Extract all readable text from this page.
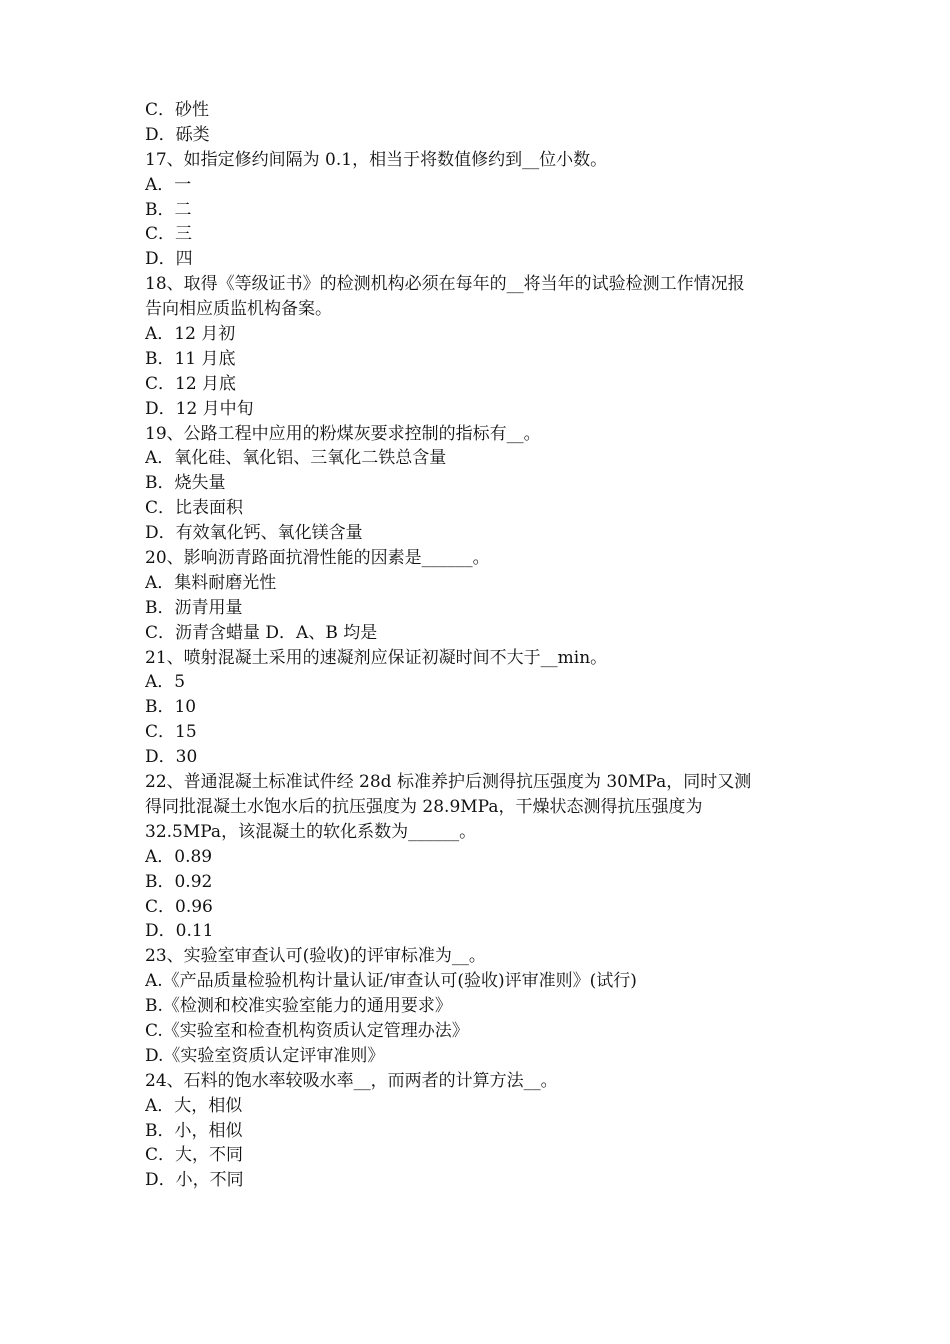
C．砂性
D．砾类
17、如指定修约间隔为 0.1，相当于将数值修约到__位小数。
A．一
B．二
C．三
D．四
18、取得《等级证书》的检测机构必须在每年的__将当年的试验检测工作情况报
告向相应质监机构备案。
A．12 月初
B．11 月底
C．12 月底
D．12 月中旬
19、公路工程中应用的粉煤灰要求控制的指标有__。
A．氧化硅、氧化铝、三氧化二铁总含量
B．烧失量
C．比表面积
D．有效氧化钙、氧化镁含量
20、影响沥青路面抗滑性能的因素是______。
A．集料耐磨光性
B．沥青用量
C．沥青含蜡量 D．A、B 均是
21、喷射混凝土采用的速凝剂应保证初凝时间不大于__min。
A．5
B．10
C．15
D．30
22、普通混凝土标准试件经 28d 标准养护后测得抗压强度为 30MPa，同时又测
得同批混凝土水饱水后的抗压强度为 28.9MPa，干燥状态测得抗压强度为
32.5MPa，该混凝土的软化系数为______。
A．0.89
B．0.92
C．0.96
D．0.11
23、实验室审查认可(验收)的评审标准为__。
A.《产品质量检验机构计量认证/审查认可(验收)评审准则》(试行)
B.《检测和校准实验室能力的通用要求》
C.《实验室和检查机构资质认定管理办法》
D.《实验室资质认定评审准则》
24、石料的饱水率较吸水率__，而两者的计算方法__。
A．大，相似
B．小，相似
C．大，不同
D．小，不同
